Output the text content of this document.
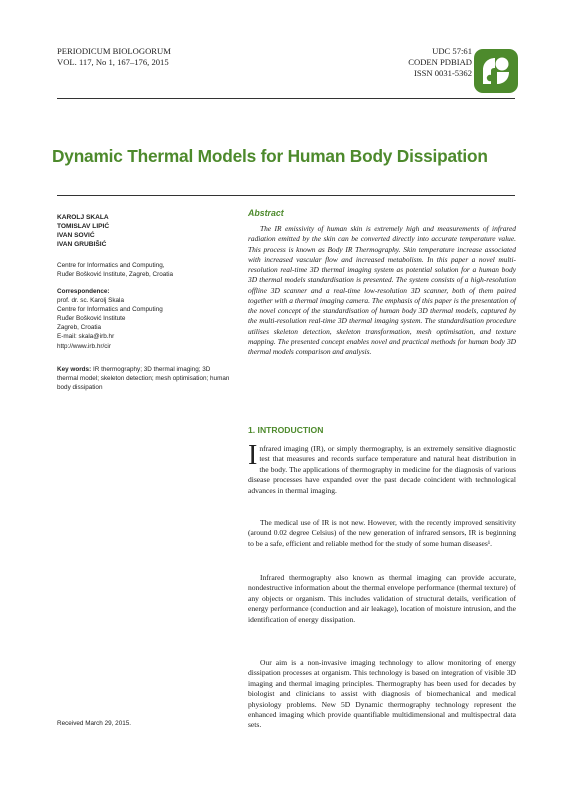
PERIODICUM BIOLOGORUM
VOL. 117, No 1, 167–176, 2015
UDC 57:61
CODEN PDBIAD
ISSN 0031-5362
Dynamic Thermal Models for Human Body Dissipation
KAROLJ SKALA
TOMISLAV LIPIĆ
IVAN SOVIĆ
IVAN GRUBIŠIĆ
Centre for Informatics and Computing,
Ruđer Bošković Institute, Zagreb, Croatia
Correspondence:
prof. dr. sc. Karolj Skala
Centre for Informatics and Computing
Ruđer Bošković Institute
Zagreb, Croatia
E-mail: skala@irb.hr
http://www.irb.hr/cir
Key words: IR thermography; 3D thermal imaging; 3D thermal model; skeleton detection; mesh optimisation; human body dissipation
Received March 29, 2015.
Abstract
The IR emissivity of human skin is extremely high and measurements of infrared radiation emitted by the skin can be converted directly into accurate temperature value. This process is known as Body IR Thermography. Skin temperature increase associated with increased vascular flow and increased metabolism. In this paper a novel multi-resolution real-time 3D thermal imaging system as potential solution for a human body 3D thermal models standardisation is presented. The system consists of a high-resolution offline 3D scanner and a real-time low-resolution 3D scanner, both of them paired together with a thermal imaging camera. The emphasis of this paper is the presentation of the novel concept of the standardisation of human body 3D thermal models, captured by the multi-resolution real-time 3D thermal imaging system. The standardisation procedure utilises skeleton detection, skeleton transformation, mesh optimisation, and texture mapping. The presented concept enables novel and practical methods for human body 3D thermal models comparison and analysis.
1. INTRODUCTION
Infrared imaging (IR), or simply thermography, is an extremely sensitive diagnostic test that measures and records surface temperature and natural heat distribution in the body. The applications of thermography in medicine for the diagnosis of various disease processes have expanded over the past decade coincident with technological advances in thermal imaging.
The medical use of IR is not new. However, with the recently improved sensitivity (around 0.02 degree Celsius) of the new generation of infrared sensors, IR is beginning to be a safe, efficient and reliable method for the study of some human diseases¹.
Infrared thermography also known as thermal imaging can provide accurate, nondestructive information about the thermal envelope performance (thermal texture) of any objects or organism. This includes validation of structural details, verification of energy performance (conduction and air leakage), location of moisture intrusion, and the identification of energy dissipation.
Our aim is a non-invasive imaging technology to allow monitoring of energy dissipation processes at organism. This technology is based on integration of visible 3D imaging and thermal imaging principles. Thermography has been used for decades by biologist and clinicians to assist with diagnosis of biomechanical and medical physiology problems. New 5D Dynamic thermography technology represent the enhanced imaging which provide quantifiable multidimensional and multispectral data sets.
